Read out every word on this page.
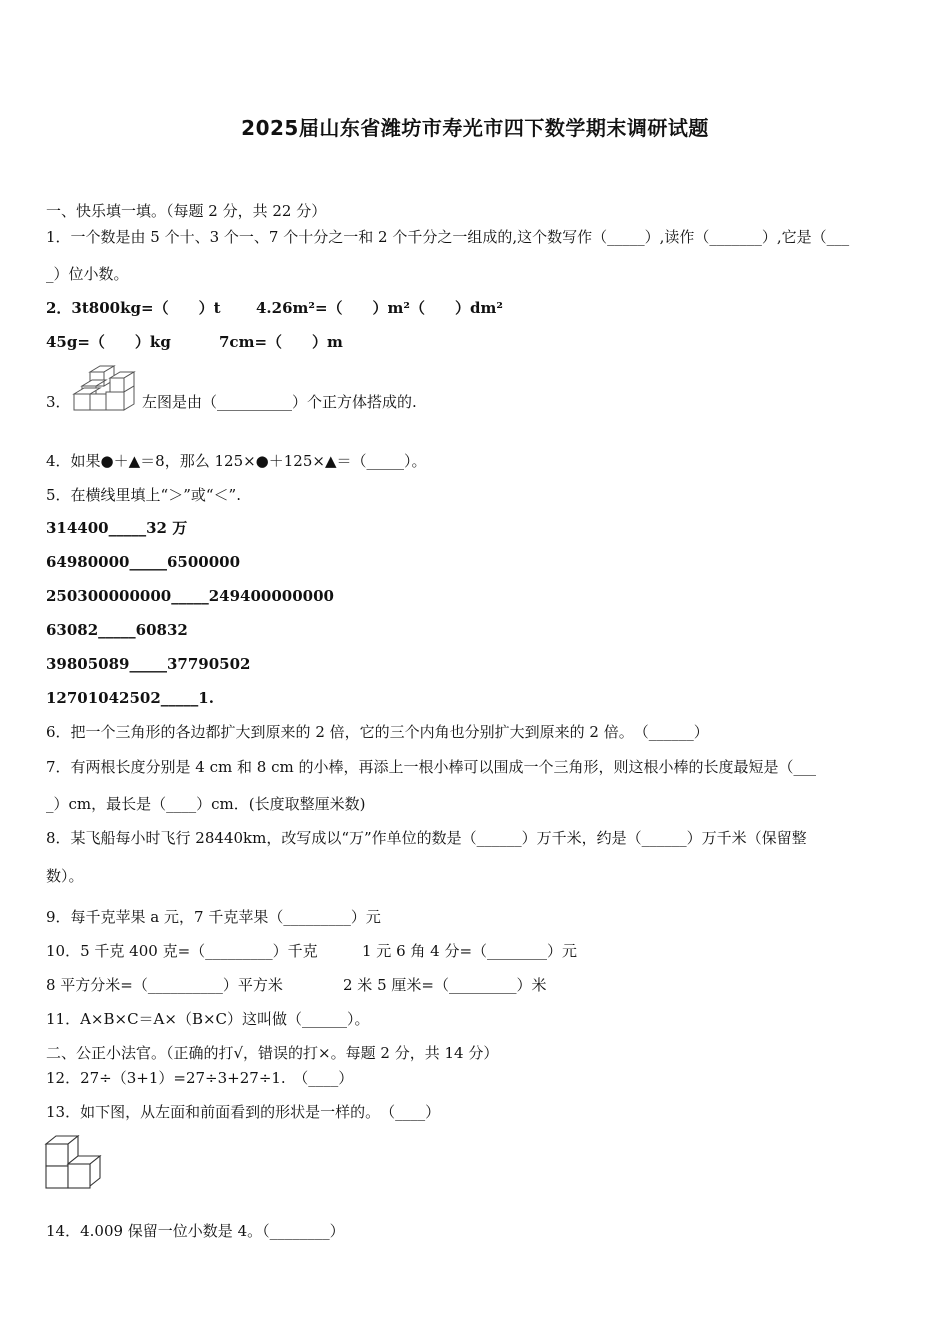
2025届山东省潍坊市寿光市四下数学期末调研试题
一、快乐填一填。（每题 2 分，共 22 分）
1．一个数是由 5 个十、3 个一、7 个十分之一和 2 个千分之一组成的,这个数写作（_____）,读作（_______）,它是（___
_）位小数。
2．3t800kg=（　　）t 4.26m²=（　　）m²（　　）dm²
45g=（　　）kg	7cm=（　　）m
3．	左图是由（__________）个正方体搭成的.
4．如果●＋▲＝8，那么 125×●＋125×▲＝（_____）。
5．在横线里填上“＞”或“＜”.
314400_____32 万
64980000_____6500000
250300000000_____249400000000
63082_____60832
39805089_____37790502
12701042502_____1.
6．把一个三角形的各边都扩大到原来的 2 倍，它的三个内角也分别扩大到原来的 2 倍。　（______）
7．有两根长度分别是 4 cm 和 8 cm 的小棒，再添上一根小棒可以围成一个三角形，则这根小棒的长度最短是（___
_）cm，最长是（____）cm．(长度取整厘米数)
8．某飞船每小时飞行 28440km，改写成以“万”作单位的数是（______）万千米，约是（______）万千米（保留整
数）。
9．每千克苹果 a 元，7 千克苹果（_________）元
10．5 千克 400 克=（_________）千克	1 元 6 角 4 分=（________）元
8 平方分米=（__________）平方米	2 米 5 厘米=（_________）米
11．A×B×C＝A×（B×C）这叫做（______）。
二、公正小法官。（正确的打√，错误的打×。每题 2 分，共 14 分）
12．27÷（3+1）=27÷3+27÷1.　（____）
13．如下图，从左面和前面看到的形状是一样的。　（____）
14．4.009 保留一位小数是 4。（________）
